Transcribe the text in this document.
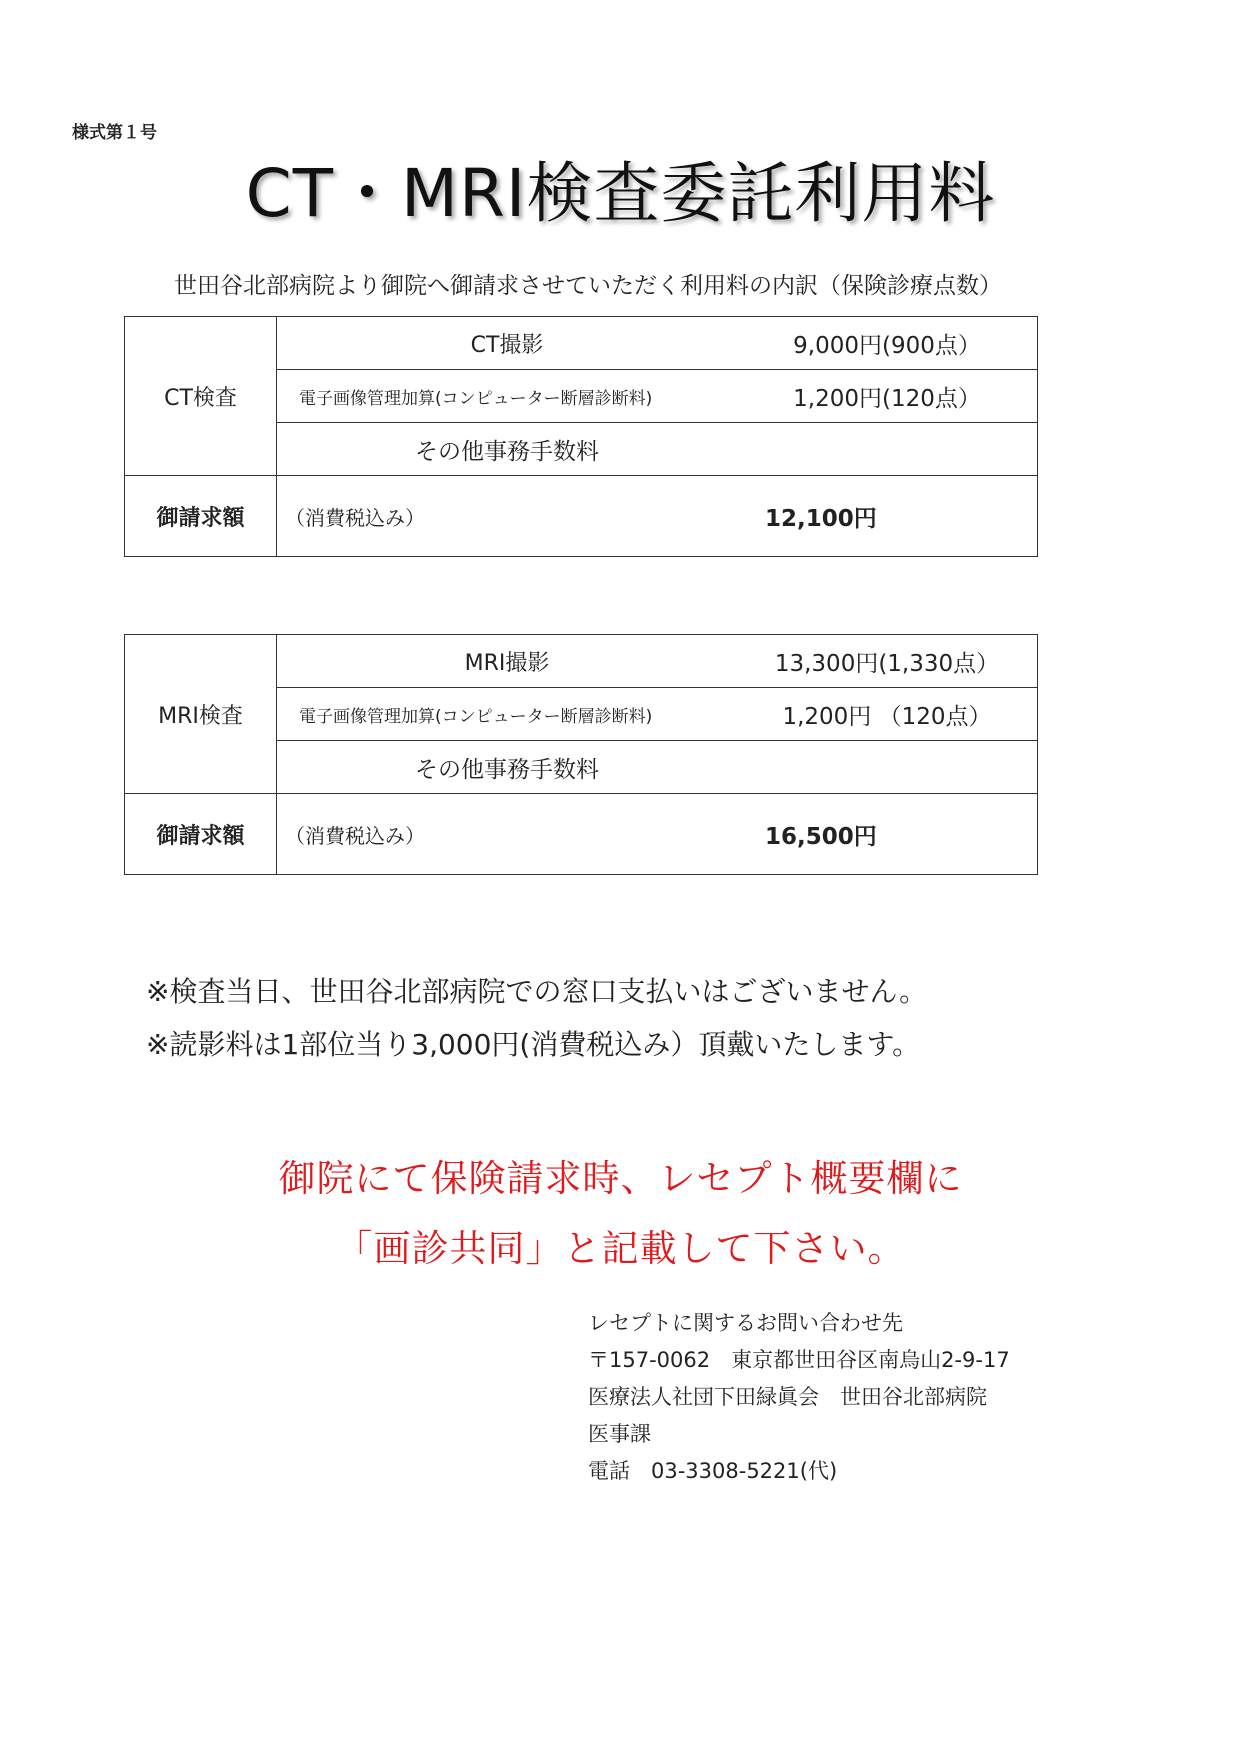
様式第１号
CT・MRI検査委託利用料
世田谷北部病院より御院へ御請求させていただく利用料の内訳（保険診療点数）
CT検査	CT撮影 9,000円(900点）

	電子画像管理加算(コンピューター断層診断料) 1,200円(120点）

	その他事務手数料

御請求額	（消費税込み） 12,100円
MRI検査	MRI撮影 13,300円(1,330点）

	電子画像管理加算(コンピューター断層診断料) 1,200円 （120点）

	その他事務手数料

御請求額	（消費税込み） 16,500円
※検査当日、世田谷北部病院での窓口支払いはございません。
※読影料は1部位当り3,000円(消費税込み）頂戴いたします。
御院にて保険請求時、レセプト概要欄に
「画診共同」と記載して下さい。
レセプトに関するお問い合わせ先
〒157-0062　東京都世田谷区南烏山2-9-17
医療法人社団下田緑眞会　世田谷北部病院
医事課
電話　03-3308-5221(代)
